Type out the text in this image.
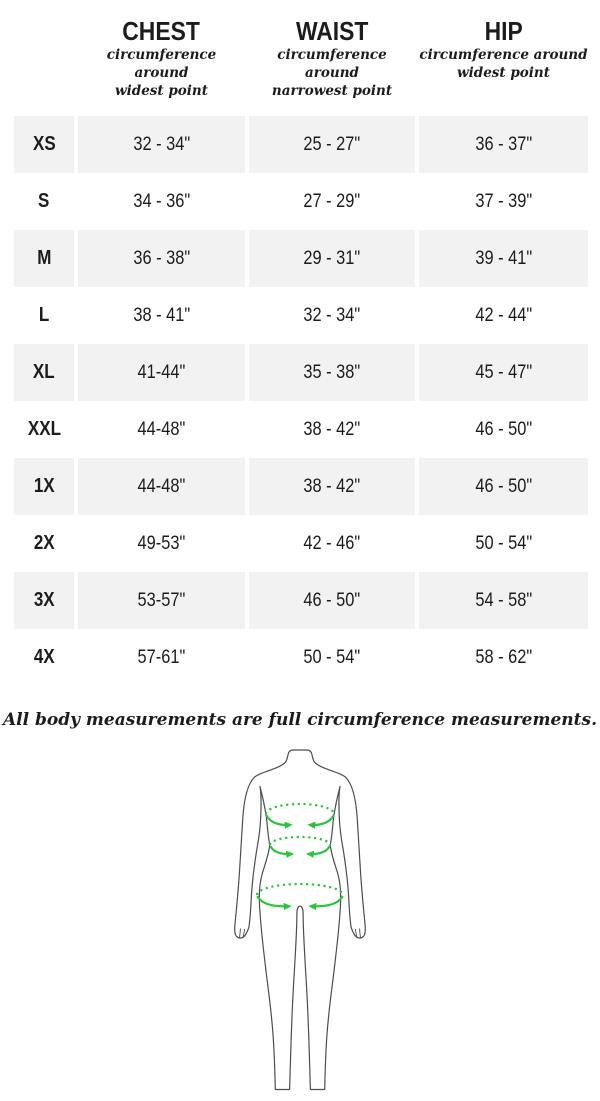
CHEST
circumference around
widest point
WAIST
circumference around
narrowest point
HIP
circumference around
widest point
XS	32 - 34"	25 - 27"	36 - 37"
S	34 - 36"	27 - 29"	37 - 39"
M	36 - 38"	29 - 31"	39 - 41"
L	38 - 41"	32 - 34"	42 - 44"
XL	41-44"	35 - 38"	45 - 47"
XXL	44-48"	38 - 42"	46 - 50"
1X	44-48"	38 - 42"	46 - 50"
2X	49-53"	42 - 46"	50 - 54"
3X	53-57"	46 - 50"	54 - 58"
4X	57-61"	50 - 54"	58 - 62"
All body measurements are full circumference measurements.
